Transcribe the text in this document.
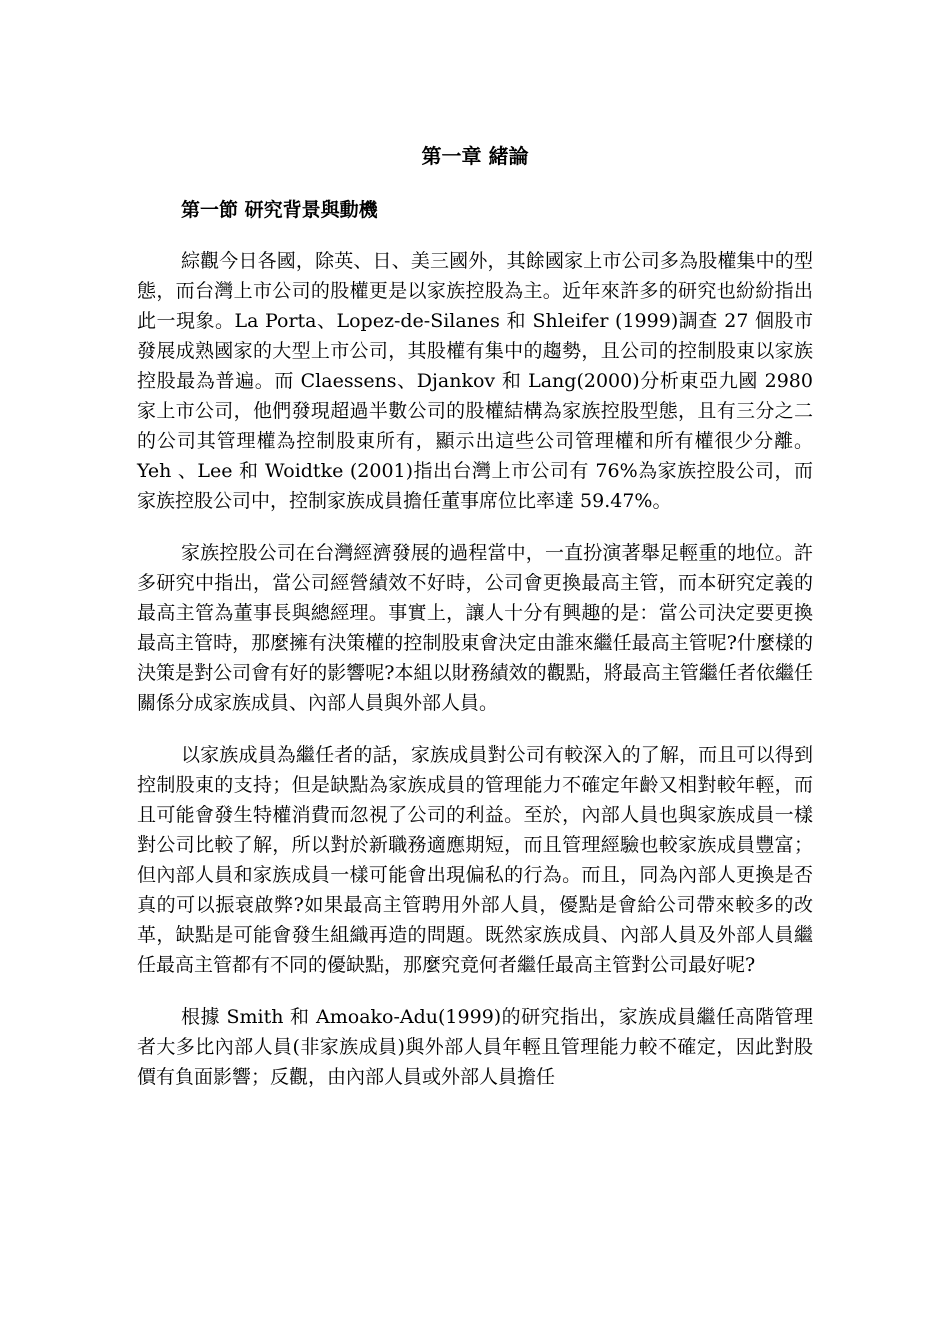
第一章 緒論
第一節 研究背景與動機

綜觀今日各國，除英、日、美三國外，其餘國家上市公司多為股權集中的型態，而台灣上市公司的股權更是以家族控股為主。近年來許多的研究也紛紛指出此一現象。La Porta、Lopez-de-Silanes 和 Shleifer (1999)調查 27 個股市發展成熟國家的大型上市公司，其股權有集中的趨勢，且公司的控制股東以家族控股最為普遍。而 Claessens、Djankov 和 Lang(2000)分析東亞九國 2980 家上市公司，他們發現超過半數公司的股權結構為家族控股型態，且有三分之二的公司其管理權為控制股東所有，顯示出這些公司管理權和所有權很少分離。Yeh 、Lee 和 Woidtke (2001)指出台灣上市公司有 76%為家族控股公司，而家族控股公司中，控制家族成員擔任董事席位比率達 59.47%。

家族控股公司在台灣經濟發展的過程當中，一直扮演著舉足輕重的地位。許多研究中指出，當公司經營績效不好時，公司會更換最高主管，而本研究定義的最高主管為董事長與總經理。事實上，讓人十分有興趣的是：當公司決定要更換最高主管時，那麼擁有決策權的控制股東會決定由誰來繼任最高主管呢?什麼樣的決策是對公司會有好的影響呢?本組以財務績效的觀點，將最高主管繼任者依繼任關係分成家族成員、內部人員與外部人員。

以家族成員為繼任者的話，家族成員對公司有較深入的了解，而且可以得到控制股東的支持；但是缺點為家族成員的管理能力不確定年齡又相對較年輕，而且可能會發生特權消費而忽視了公司的利益。至於，內部人員也與家族成員一樣對公司比較了解，所以對於新職務適應期短，而且管理經驗也較家族成員豐富；但內部人員和家族成員一樣可能會出現偏私的行為。而且，同為內部人更換是否真的可以振衰啟弊?如果最高主管聘用外部人員，優點是會給公司帶來較多的改革，缺點是可能會發生組織再造的問題。既然家族成員、內部人員及外部人員繼任最高主管都有不同的優缺點，那麼究竟何者繼任最高主管對公司最好呢?

根據 Smith 和 Amoako-Adu(1999)的研究指出，家族成員繼任高階管理者大多比內部人員(非家族成員)與外部人員年輕且管理能力較不確定，因此對股價有負面影響；反觀，由內部人員或外部人員擔任
